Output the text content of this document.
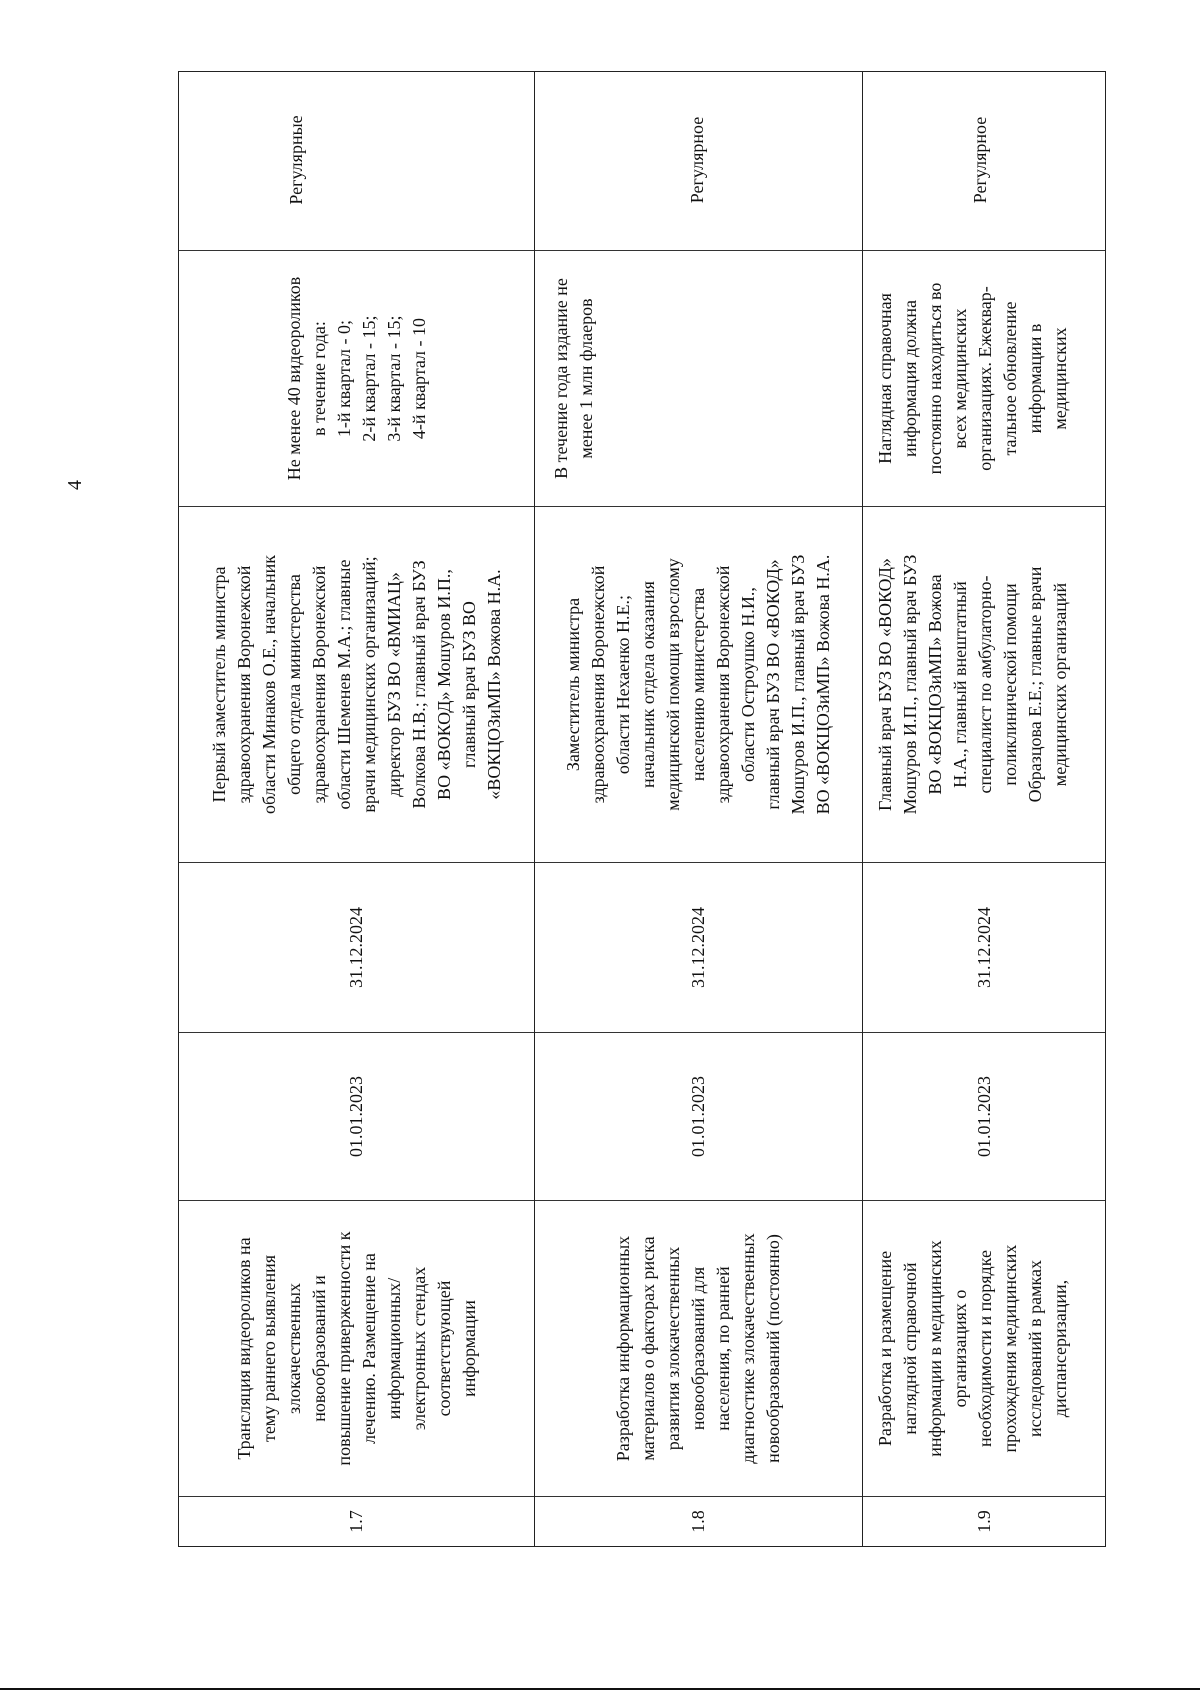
4
1.7
Трансляция видеороликов на
тему раннего выявления
злокачественных
новообразований и
повышение приверженности к
лечению. Размещение на
информационных/
электронных стендах
соответствующей
информации
01.01.2023
31.12.2024
Первый заместитель министра
здравоохранения Воронежской
области Минаков О.Е., начальник
общего отдела министерства
здравоохранения Воронежской
области Шеменев М.А.; главные
врачи медицинских организаций;
директор БУЗ ВО «ВМИАЦ»
Волкова Н.В.; главный врач БУЗ
ВО «ВОКОД» Мошуров И.П.,
главный врач БУЗ ВО
«ВОКЦОЗиМП» Вожова Н.А.
Не менее 40 видеороликов
в течение года:
1-й квартал - 0;
2-й квартал - 15;
3-й квартал - 15;
4-й квартал - 10
Регулярные
1.8
Разработка информационных
материалов о факторах риска
развития злокачественных
новообразований для
населения, по ранней
диагностике злокачественных
новообразований (постоянно)
01.01.2023
31.12.2024
Заместитель министра
здравоохранения Воронежской
области Нехаенко Н.Е.;
начальник отдела оказания
медицинской помощи взрослому
населению министерства
здравоохранения Воронежской
области Остроушко Н.И.,
главный врач БУЗ ВО «ВОКОД»
Мошуров И.П., главный врач БУЗ
ВО «ВОКЦОЗиМП» Вожова Н.А.
В течение года издание не
менее 1 млн флаеров
Регулярное
1.9
Разработка и размещение
наглядной справочной
информации в медицинских
организациях о
необходимости и порядке
прохождения медицинских
исследований в рамках
диспансеризации,
01.01.2023
31.12.2024
Главный врач БУЗ ВО «ВОКОД»
Мошуров И.П., главный врач БУЗ
ВО «ВОКЦОЗиМП» Вожова
Н.А., главный внештатный
специалист по амбулаторно-
поликлинической помощи
Образцова Е.Е.; главные врачи
медицинских организаций
Наглядная справочная
информация должна
постоянно находиться во
всех медицинских
организациях. Ежеквар-
тальное обновление
информации в
медицинских
Регулярное
